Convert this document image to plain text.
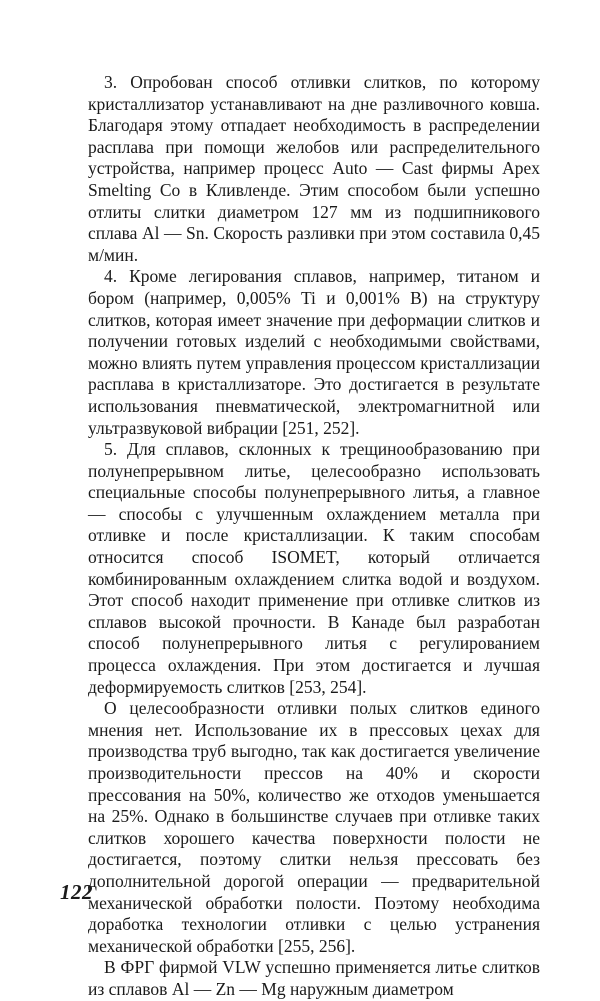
3. Опробован способ отливки слитков, по которому кристаллизатор устанавливают на дне разливочного ковша. Благодаря этому отпадает необходимость в распределении расплава при помощи желобов или распределительного устройства, например процесс Auto — Cast фирмы Apex Smelting Co в Кливленде. Этим способом были успешно отлиты слитки диаметром 127 мм из подшипникового сплава Al — Sn. Скорость разливки при этом составила 0,45 м/мин.

4. Кроме легирования сплавов, например, титаном и бором (например, 0,005% Ti и 0,001% B) на структуру слитков, которая имеет значение при деформации слитков и получении готовых изделий с необходимыми свойствами, можно влиять путем управления процессом кристаллизации расплава в кристаллизаторе. Это достигается в результате использования пневматической, электромагнитной или ультразвуковой вибрации [251, 252].

5. Для сплавов, склонных к трещинообразованию при полунепрерывном литье, целесообразно использовать специальные способы полунепрерывного литья, а главное — способы с улучшенным охлаждением металла при отливке и после кристаллизации. К таким способам относится способ ISOMET, который отличается комбинированным охлаждением слитка водой и воздухом. Этот способ находит применение при отливке слитков из сплавов высокой прочности. В Канаде был разработан способ полунепрерывного литья с регулированием процесса охлаждения. При этом достигается и лучшая деформируемость слитков [253, 254].

О целесообразности отливки полых слитков единого мнения нет. Использование их в прессовых цехах для производства труб выгодно, так как достигается увеличение производительности прессов на 40% и скорости прессования на 50%, количество же отходов уменьшается на 25%. Однако в большинстве случаев при отливке таких слитков хорошего качества поверхности полости не достигается, поэтому слитки нельзя прессовать без дополнительной дорогой операции — предварительной механической обработки полости. Поэтому необходима доработка технологии отливки с целью устранения механической обработки [255, 256].

В ФРГ фирмой VLW успешно применяется литье слитков из сплавов Al — Zn — Mg наружным диаметром

122
